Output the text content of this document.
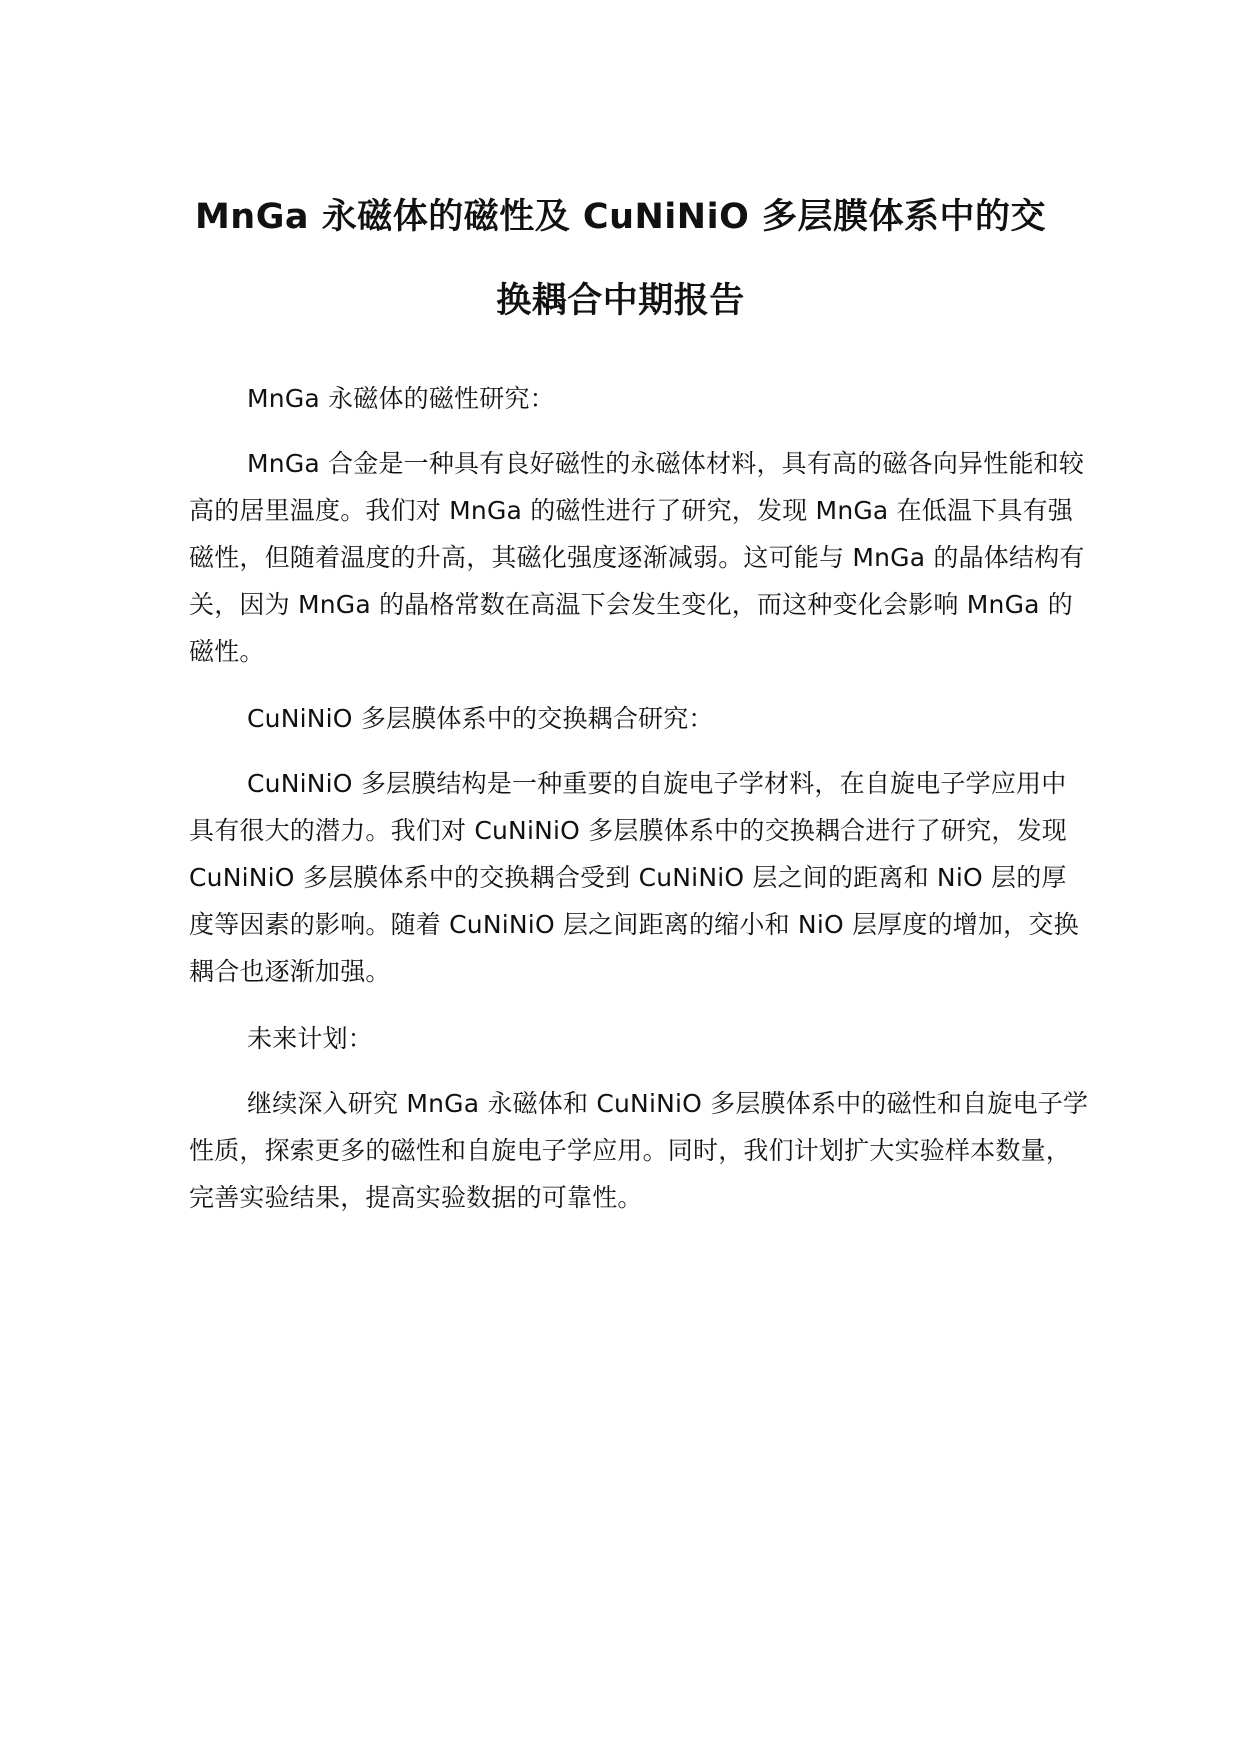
MnGa 永磁体的磁性及 CuNiNiO 多层膜体系中的交
换耦合中期报告

MnGa 永磁体的磁性研究：

MnGa 合金是一种具有良好磁性的永磁体材料，具有高的磁各向异性能和较高的居里温度。我们对 MnGa 的磁性进行了研究，发现 MnGa 在低温下具有强磁性，但随着温度的升高，其磁化强度逐渐减弱。这可能与 MnGa 的晶体结构有关，因为 MnGa 的晶格常数在高温下会发生变化，而这种变化会影响 MnGa 的磁性。

CuNiNiO 多层膜体系中的交换耦合研究：

CuNiNiO 多层膜结构是一种重要的自旋电子学材料，在自旋电子学应用中具有很大的潜力。我们对 CuNiNiO 多层膜体系中的交换耦合进行了研究，发现 CuNiNiO 多层膜体系中的交换耦合受到 CuNiNiO 层之间的距离和 NiO 层的厚度等因素的影响。随着 CuNiNiO 层之间距离的缩小和 NiO 层厚度的增加，交换耦合也逐渐加强。

未来计划：

继续深入研究 MnGa 永磁体和 CuNiNiO 多层膜体系中的磁性和自旋电子学性质，探索更多的磁性和自旋电子学应用。同时，我们计划扩大实验样本数量，完善实验结果，提高实验数据的可靠性。
